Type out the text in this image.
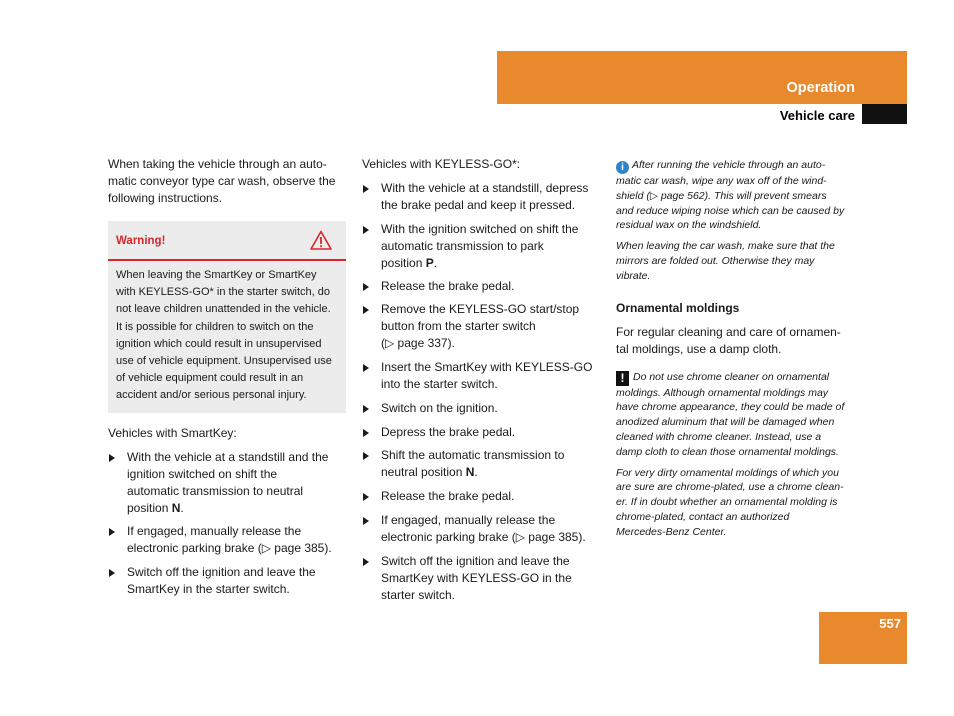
Operation
Vehicle care

When taking the vehicle through an auto-

matic conveyor type car wash, observe the

following instructions.

Warning!

When leaving the SmartKey or SmartKey

with KEYLESS-GO* in the starter switch, do

not leave children unattended in the vehicle.

It is possible for children to switch on the

ignition which could result in unsupervised

use of vehicle equipment. Unsupervised use

of vehicle equipment could result in an

accident and/or serious personal injury.

Vehicles with SmartKey:

With the vehicle at a standstill and the

ignition switched on shift the

automatic transmission to neutral

position N.

If engaged, manually release the

electronic parking brake (▷ page 385).

Switch off the ignition and leave the

SmartKey in the starter switch.

Vehicles with KEYLESS-GO*:

With the vehicle at a standstill, depress

the brake pedal and keep it pressed.

With the ignition switched on shift the

automatic transmission to park

position P.

Release the brake pedal.

Remove the KEYLESS-GO start/stop

button from the starter switch

(▷ page 337).

Insert the SmartKey with KEYLESS-GO

into the starter switch.

Switch on the ignition.

Depress the brake pedal.

Shift the automatic transmission to

neutral position N.

Release the brake pedal.

If engaged, manually release the

electronic parking brake (▷ page 385).

Switch off the ignition and leave the

SmartKey with KEYLESS-GO in the

starter switch.

i After running the vehicle through an auto-

matic car wash, wipe any wax off of the wind-

shield (▷ page 562). This will prevent smears

and reduce wiping noise which can be caused by

residual wax on the windshield.

When leaving the car wash, make sure that the

mirrors are folded out. Otherwise they may

vibrate.

Ornamental moldings

For regular cleaning and care of ornamen-

tal moldings, use a damp cloth.

! Do not use chrome cleaner on ornamental

moldings. Although ornamental moldings may

have chrome appearance, they could be made of

anodized aluminum that will be damaged when

cleaned with chrome cleaner. Instead, use a

damp cloth to clean those ornamental moldings.

For very dirty ornamental moldings of which you

are sure are chrome-plated, use a chrome clean-

er. If in doubt whether an ornamental molding is

chrome-plated, contact an authorized

Mercedes-Benz Center.

557
